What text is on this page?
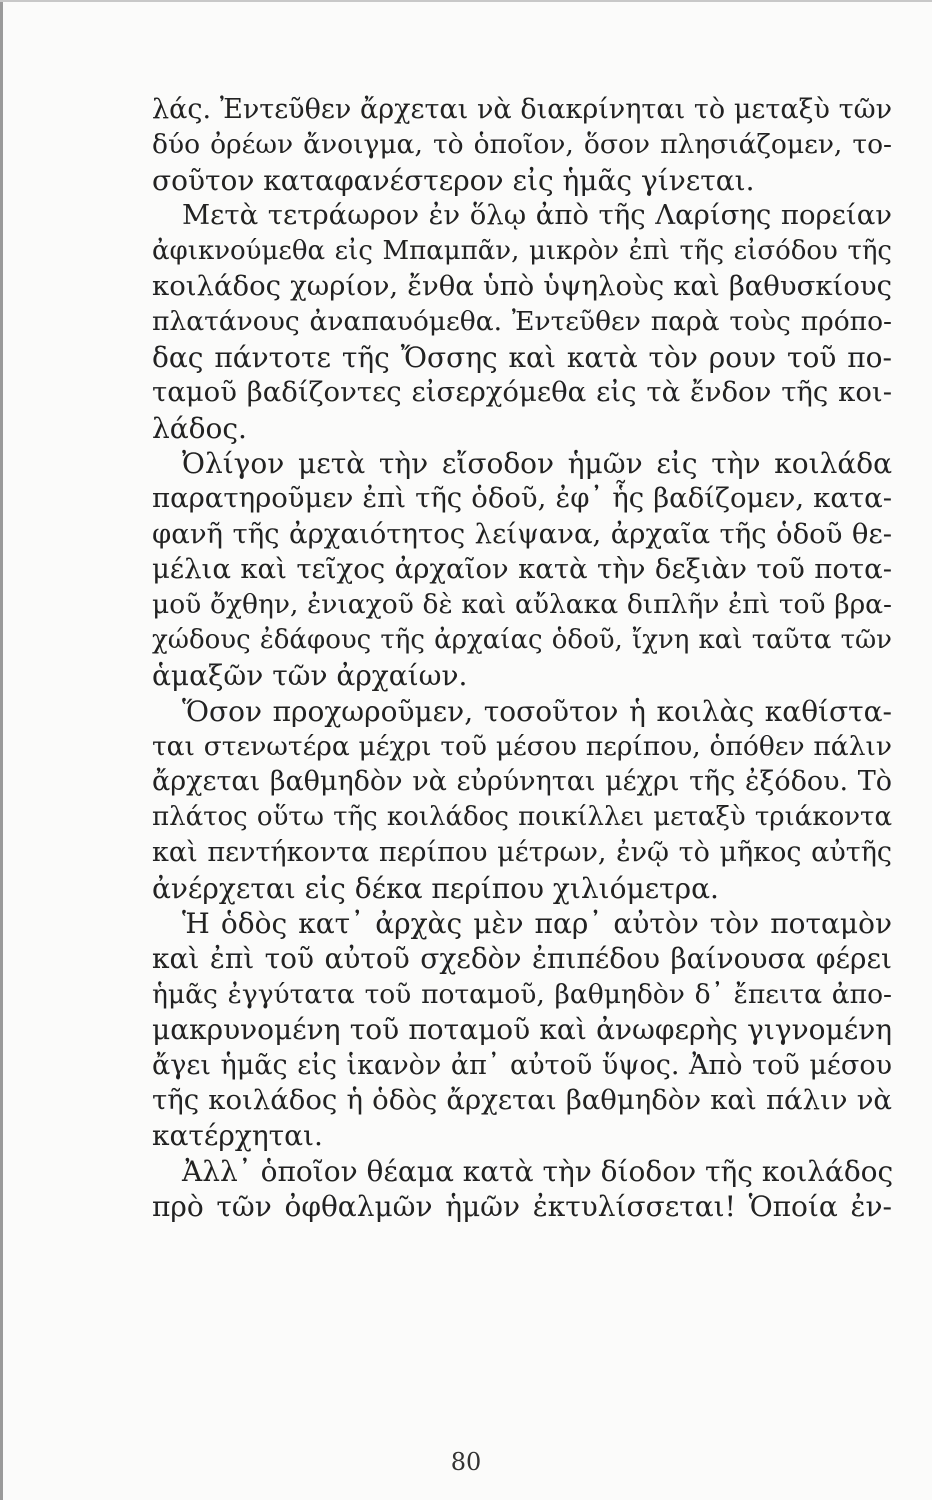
λάς. Ἐντεῦθεν ἄρχεται νὰ διακρίνηται τὸ μεταξὺ τῶν
δύο ὀρέων ἄνοιγμα, τὸ ὁποῖον, ὅσον πλησιάζομεν, το-
σοῦτον καταφανέστερον εἰς ἡμᾶς γίνεται.
Μετὰ τετράωρον ἐν ὅλῳ ἀπὸ τῆς Λαρίσης πορείαν
ἀφικνούμεθα εἰς Μπαμπᾶν, μικρὸν ἐπὶ τῆς εἰσόδου τῆς
κοιλάδος χωρίον, ἔνθα ὑπὸ ὑψηλοὺς καὶ βαθυσκίους
πλατάνους ἀναπαυόμεθα. Ἐντεῦθεν παρὰ τοὺς πρόπο-
δας πάντοτε τῆς Ὄσσης καὶ κατὰ τὸν ρουν τοῦ πο-
ταμοῦ βαδίζοντες εἰσερχόμεθα εἰς τὰ ἔνδον τῆς κοι-
λάδος.
Ὀλίγον μετὰ τὴν εἴσοδον ἡμῶν εἰς τὴν κοιλάδα
παρατηροῦμεν ἐπὶ τῆς ὁδοῦ, ἐφ᾽ ἧς βαδίζομεν, κατα-
φανῆ τῆς ἀρχαιότητος λείψανα, ἀρχαῖα τῆς ὁδοῦ θε-
μέλια καὶ τεῖχος ἀρχαῖον κατὰ τὴν δεξιὰν τοῦ ποτα-
μοῦ ὄχθην, ἐνιαχοῦ δὲ καὶ αὔλακα διπλῆν ἐπὶ τοῦ βρα-
χώδους ἐδάφους τῆς ἀρχαίας ὁδοῦ, ἴχνη καὶ ταῦτα τῶν
ἁμαξῶν τῶν ἀρχαίων.
Ὅσον προχωροῦμεν, τοσοῦτον ἡ κοιλὰς καθίστα-
ται στενωτέρα μέχρι τοῦ μέσου περίπου, ὁπόθεν πάλιν
ἄρχεται βαθμηδὸν νὰ εὐρύνηται μέχρι τῆς ἐξόδου. Τὸ
πλάτος οὕτω τῆς κοιλάδος ποικίλλει μεταξὺ τριάκοντα
καὶ πεντήκοντα περίπου μέτρων, ἐνῷ τὸ μῆκος αὐτῆς
ἀνέρχεται εἰς δέκα περίπου χιλιόμετρα.
Ἡ ὁδὸς κατ᾽ ἀρχὰς μὲν παρ᾽ αὐτὸν τὸν ποταμὸν
καὶ ἐπὶ τοῦ αὐτοῦ σχεδὸν ἐπιπέδου βαίνουσα φέρει
ἡμᾶς ἐγγύτατα τοῦ ποταμοῦ, βαθμηδὸν δ᾽ ἔπειτα ἀπο-
μακρυνομένη τοῦ ποταμοῦ καὶ ἀνωφερὴς γιγνομένη
ἄγει ἡμᾶς εἰς ἱκανὸν ἀπ᾽ αὐτοῦ ὕψος. Ἀπὸ τοῦ μέσου
τῆς κοιλάδος ἡ ὁδὸς ἄρχεται βαθμηδὸν καὶ πάλιν νὰ
κατέρχηται.
Ἀλλ᾽ ὁποῖον θέαμα κατὰ τὴν δίοδον τῆς κοιλάδος
πρὸ τῶν ὀφθαλμῶν ἡμῶν ἐκτυλίσσεται! Ὁποία ἐν-
80
